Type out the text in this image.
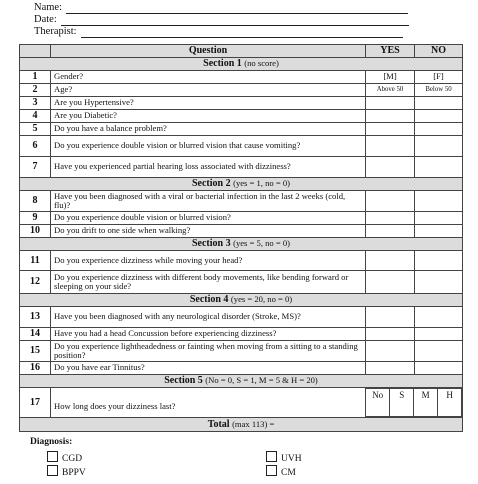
Name:
Date:
Therapist:
	Question	YES	NO
Section 1 (no score)
1	Gender?	[M]	[F]
2	Age?	Above 50	Below 50
3	Are you Hypertensive?		
4	Are you Diabetic?		
5	Do you have a balance problem?		
6	Do you experience double vision or blurred vision that cause vomiting?		
7	Have you experienced partial hearing loss associated with dizziness?		
Section 2 (yes = 1, no = 0)
8	Have you been diagnosed with a viral or bacterial infection in the last 2 weeks (cold, flu)?		
9	Do you experience double vision or blurred vision?		
10	Do you drift to one side when walking?		
Section 3 (yes = 5, no = 0)
11	Do you experience dizziness while moving your head?		
12	Do you experience dizziness with different body movements, like bending forward or sleeping on your side?		
Section 4 (yes = 20, no = 0)
13	Have you been diagnosed with any neurological disorder (Stroke, MS)?		
14	Have you had a head Concussion before experiencing dizziness?		
15	Do you experience lightheadedness or fainting when moving from a sitting to a standing position?		
16	Do you have ear Tinnitus?		
Section 5 (No = 0, S = 1, M = 5 & H = 20)
17	How long does your dizziness last?	
No	S	M	H

Total (max 113) =
Diagnosis:
CGD	UVH
BPPV	CM
